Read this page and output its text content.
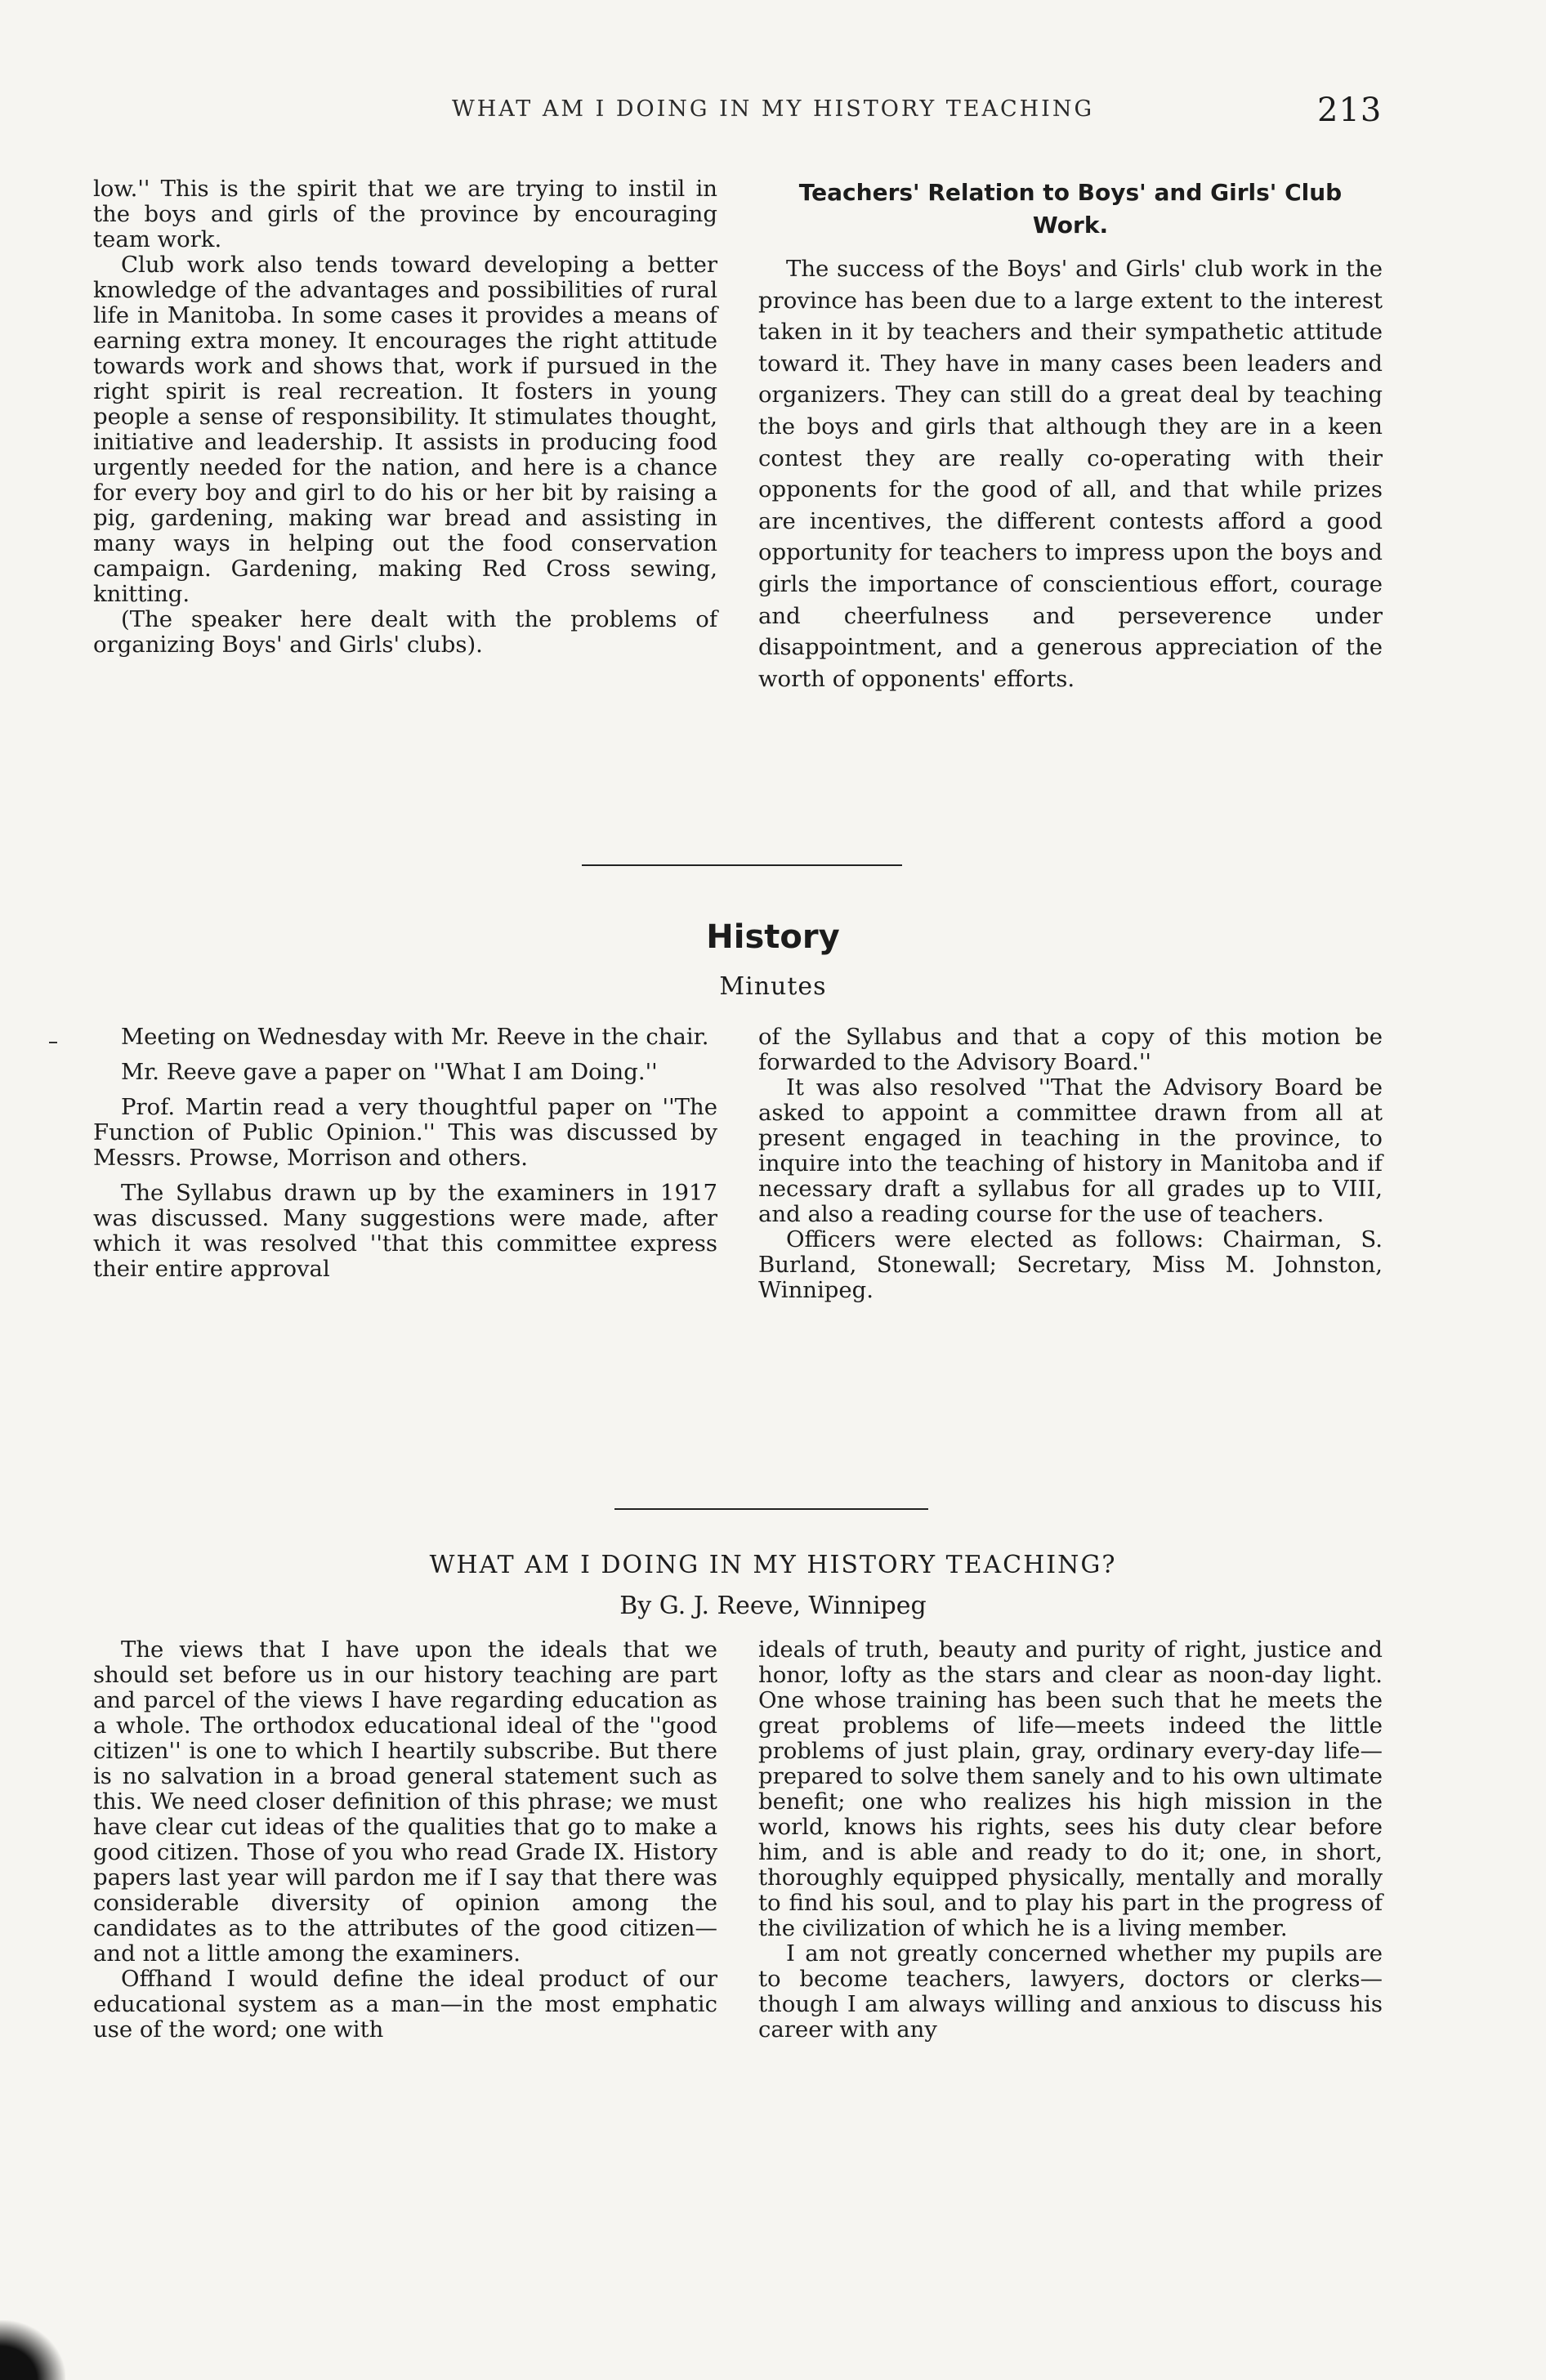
WHAT AM I DOING IN MY HISTORY TEACHING	213

low.'' This is the spirit that we are trying to instil in the boys and girls of the province by encouraging team work.

Club work also tends toward developing a better knowledge of the advantages and possibilities of rural life in Manitoba. In some cases it provides a means of earning extra money. It encourages the right attitude towards work and shows that, work if pursued in the right spirit is real recreation. It fosters in young people a sense of responsibility. It stimulates thought, initiative and leadership. It assists in producing food urgently needed for the nation, and here is a chance for every boy and girl to do his or her bit by raising a pig, gardening, making war bread and assisting in many ways in helping out the food conservation campaign. Gardening, making Red Cross sewing, knitting.

(The speaker here dealt with the problems of organizing Boys' and Girls' clubs).

Teachers' Relation to Boys' and Girls' Club Work.

The success of the Boys' and Girls' club work in the province has been due to a large extent to the interest taken in it by teachers and their sympathetic attitude toward it. They have in many cases been leaders and organizers. They can still do a great deal by teaching the boys and girls that although they are in a keen contest they are really co-operating with their opponents for the good of all, and that while prizes are incentives, the different contests afford a good opportunity for teachers to impress upon the boys and girls the importance of conscientious effort, courage and cheerfulness and perseverence under disappointment, and a generous appreciation of the worth of opponents' efforts.

History
Minutes

Meeting on Wednesday with Mr. Reeve in the chair.

Mr. Reeve gave a paper on ''What I am Doing.''

Prof. Martin read a very thoughtful paper on ''The Function of Public Opinion.'' This was discussed by Messrs. Prowse, Morrison and others.

The Syllabus drawn up by the examiners in 1917 was discussed. Many suggestions were made, after which it was resolved ''that this committee express their entire approval

of the Syllabus and that a copy of this motion be forwarded to the Advisory Board.''

It was also resolved ''That the Advisory Board be asked to appoint a committee drawn from all at present engaged in teaching in the province, to inquire into the teaching of history in Manitoba and if necessary draft a syllabus for all grades up to VIII, and also a reading course for the use of teachers.

Officers were elected as follows: Chairman, S. Burland, Stonewall; Secretary, Miss M. Johnston, Winnipeg.

WHAT AM I DOING IN MY HISTORY TEACHING?
By G. J. Reeve, Winnipeg

The views that I have upon the ideals that we should set before us in our history teaching are part and parcel of the views I have regarding education as a whole. The orthodox educational ideal of the ''good citizen'' is one to which I heartily subscribe. But there is no salvation in a broad general statement such as this. We need closer definition of this phrase; we must have clear cut ideas of the qualities that go to make a good citizen. Those of you who read Grade IX. History papers last year will pardon me if I say that there was considerable diversity of opinion among the candidates as to the attributes of the good citizen—and not a little among the examiners.

Offhand I would define the ideal product of our educational system as a man—in the most emphatic use of the word; one with

ideals of truth, beauty and purity of right, justice and honor, lofty as the stars and clear as noon-day light. One whose training has been such that he meets the great problems of life—meets indeed the little problems of just plain, gray, ordinary every-day life—prepared to solve them sanely and to his own ultimate benefit; one who realizes his high mission in the world, knows his rights, sees his duty clear before him, and is able and ready to do it; one, in short, thoroughly equipped physically, mentally and morally to find his soul, and to play his part in the progress of the civilization of which he is a living member.

I am not greatly concerned whether my pupils are to become teachers, lawyers, doctors or clerks—though I am always willing and anxious to discuss his career with any
